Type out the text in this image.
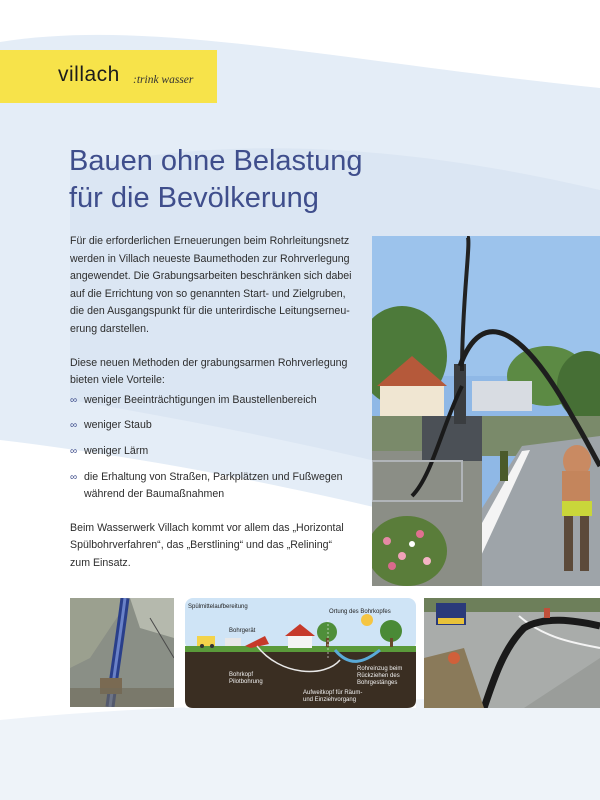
villach :trink wasser
Bauen ohne Belastung
für die Bevölkerung

Für die erforderlichen Erneuerungen beim Rohrleitungsnetz
werden in Villach neueste Baumethoden zur Rohrverlegung
angewendet. Die Grabungsarbeiten beschränken sich dabei
auf die Errichtung von so genannten Start- und Zielgruben,
die den Ausgangspunkt für die unterirdische Leitungserneu-
erung darstellen.

Diese neuen Methoden der grabungsarmen Rohrverlegung
bieten viele Vorteile:

∞ weniger Beeinträchtigungen im Baustellenbereich
∞ weniger Staub
∞ weniger Lärm
∞ die Erhaltung von Straßen, Parkplätzen und Fußwegen
während der Baumaßnahmen

Beim Wasserwerk Villach kommt vor allem das „Horizontal
Spülbohrverfahren“, das „Berstlining“ und das „Relining“
zum Einsatz.

Spülmittelaufbereitung
Ortung des Bohrkopfes
Bohrgerät
Bohrkopf
Pilotbohrung
Rohreinzug beim
Rückziehen des
Bohrgestänges
Aufweitkopf für Räum-
und Einziehvorgang
